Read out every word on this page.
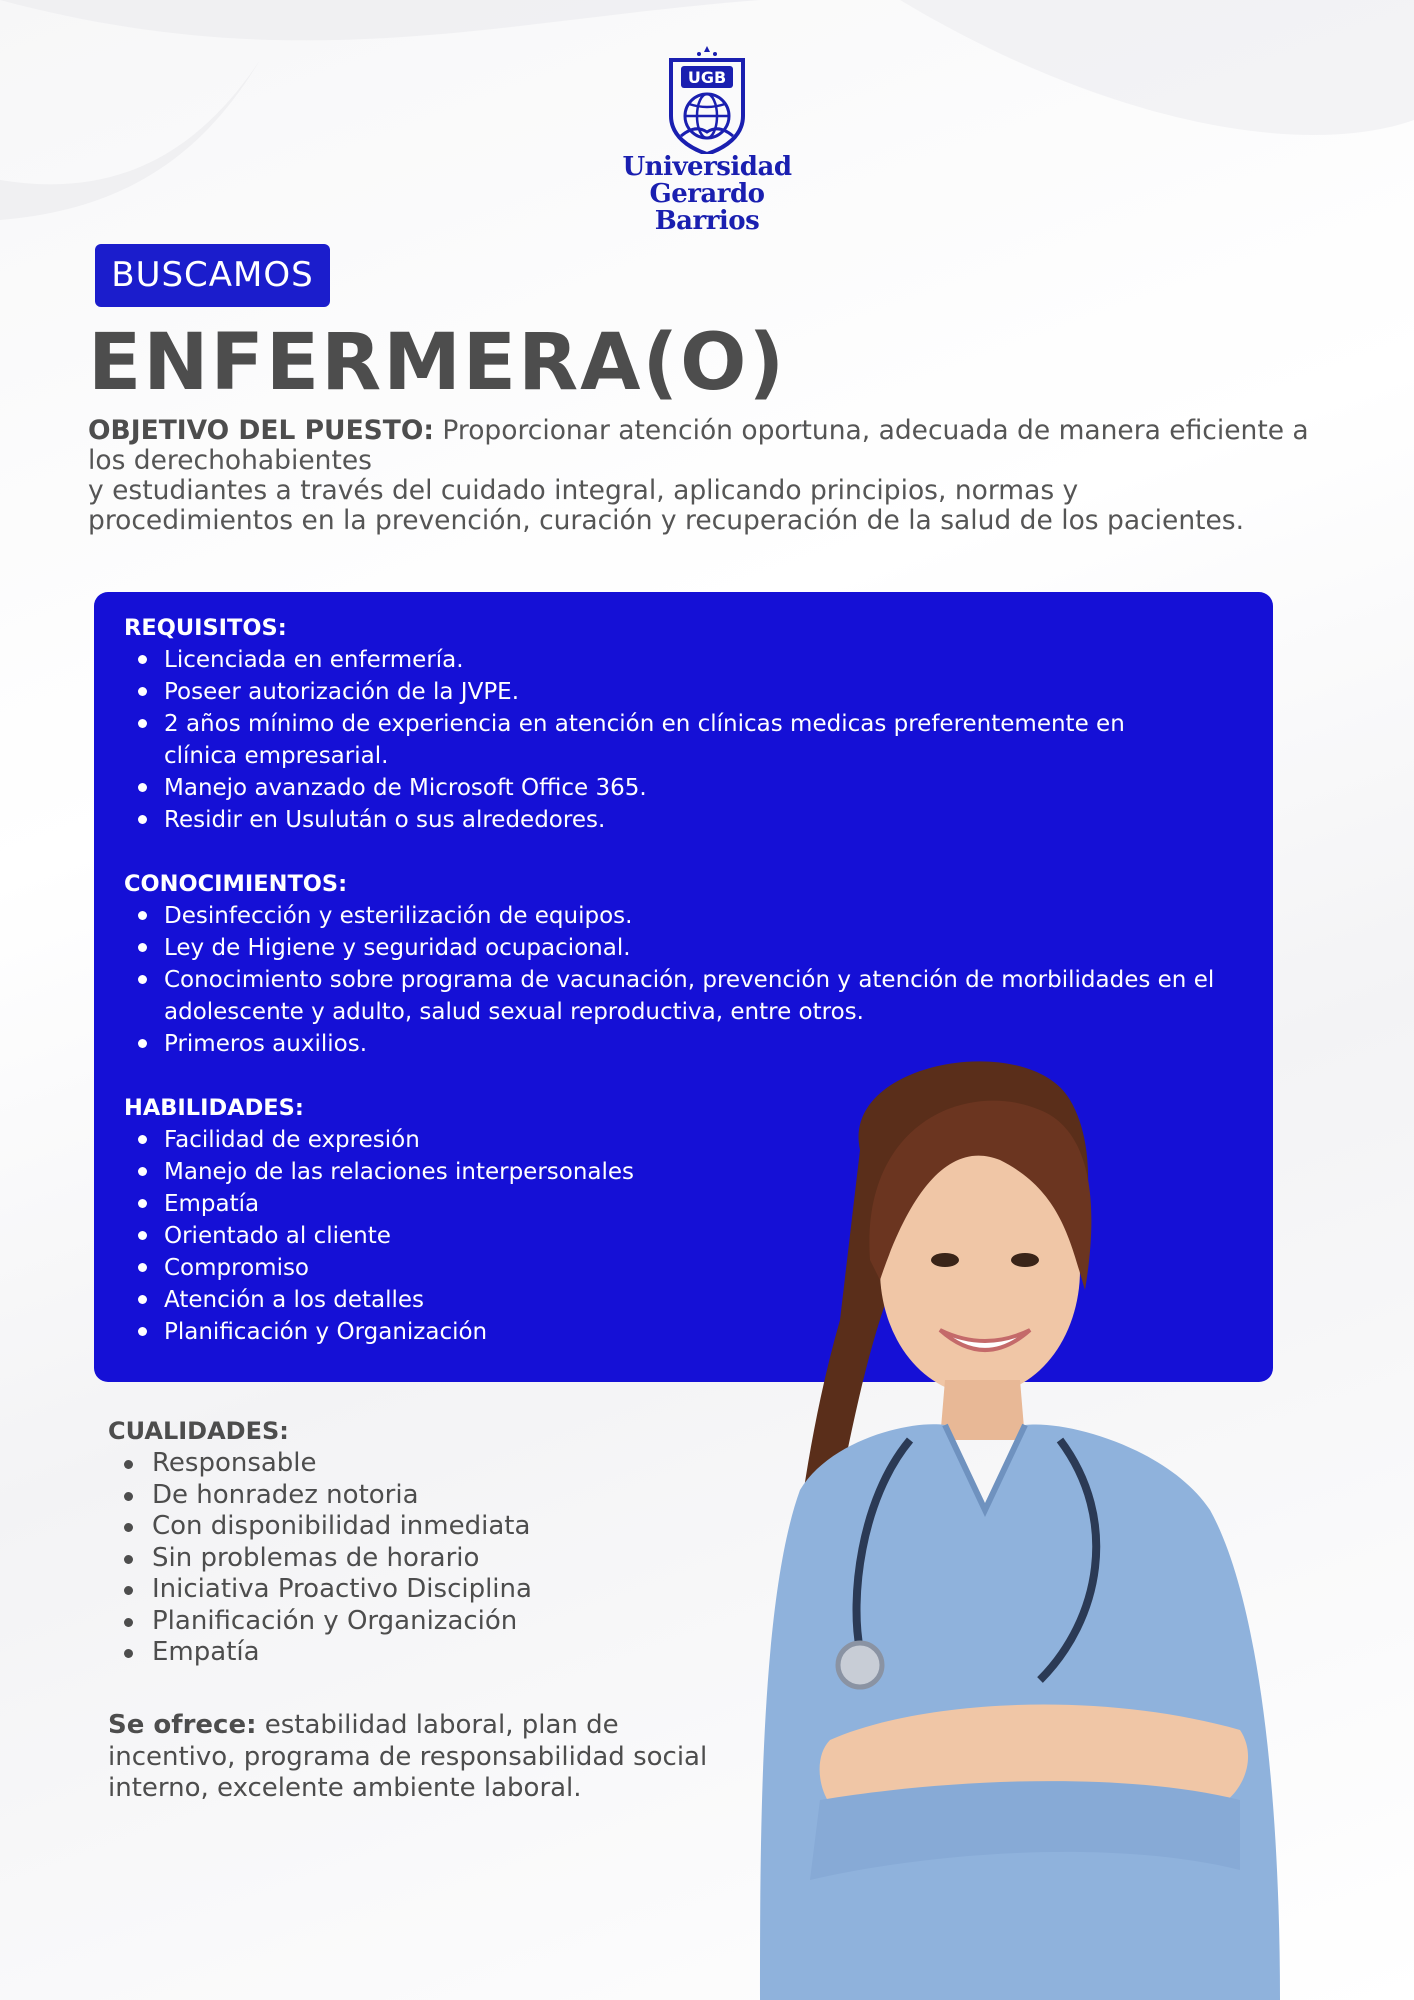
UGB
Universidad
Gerardo Barrios
BUSCAMOS
ENFERMERA(O)

OBJETIVO DEL PUESTO: Proporcionar atención oportuna, adecuada de manera eficiente a los derechohabientes
y estudiantes a través del cuidado integral, aplicando principios, normas y
procedimientos en la prevención, curación y recuperación de la salud de los pacientes.

REQUISITOS:

Licenciada en enfermería.
Poseer autorización de la JVPE.
2 años mínimo de experiencia en atención en clínicas medicas preferentemente en clínica empresarial.
Manejo avanzado de Microsoft Office 365.
Residir en Usulután o sus alrededores.

CONOCIMIENTOS:

Desinfección y esterilización de equipos.
Ley de Higiene y seguridad ocupacional.
Conocimiento sobre programa de vacunación, prevención y atención de morbilidades en el adolescente y adulto, salud sexual reproductiva, entre otros.
Primeros auxilios.

HABILIDADES:

Facilidad de expresión
Manejo de las relaciones interpersonales
Empatía
Orientado al cliente
Compromiso
Atención a los detalles
Planificación y Organización

CUALIDADES:

Responsable
De honradez notoria
Con disponibilidad inmediata
Sin problemas de horario
Iniciativa Proactivo Disciplina
Planificación y Organización
Empatía

Se ofrece: estabilidad laboral, plan de incentivo, programa de responsabilidad social interno, excelente ambiente laboral.
